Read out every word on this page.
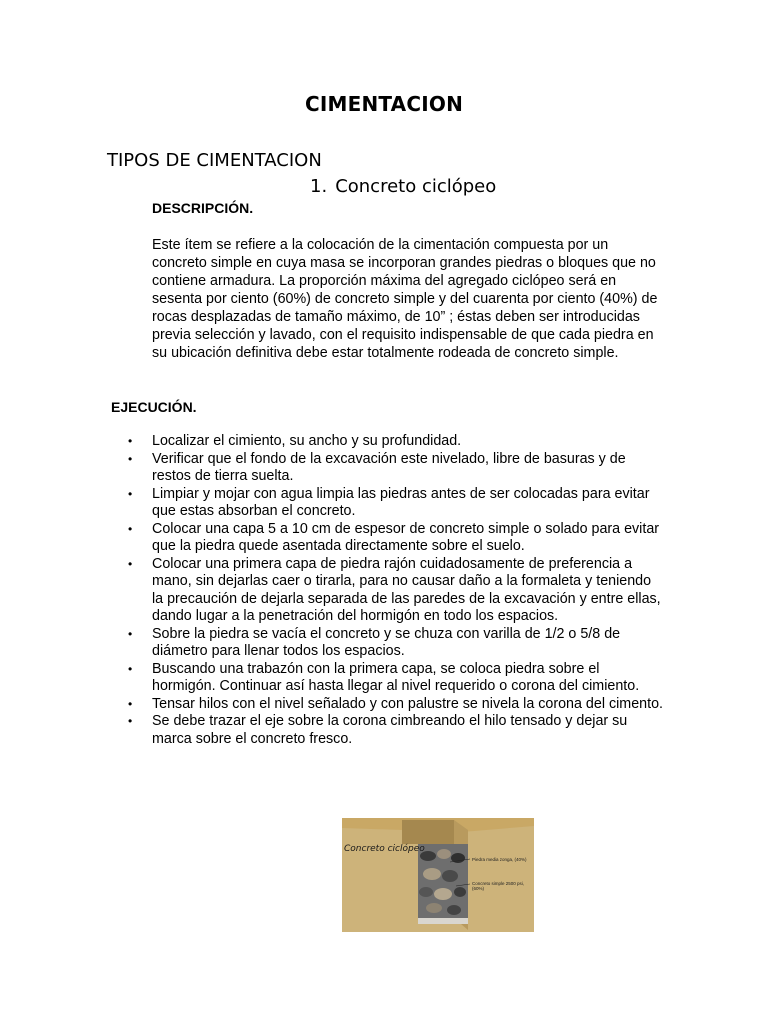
CIMENTACION
TIPOS DE CIMENTACION
1. Concreto ciclópeo
DESCRIPCIÓN.

Este ítem se refiere a la colocación de la cimentación compuesta por un concreto simple en cuya masa se incorporan grandes piedras o bloques que no contiene armadura. La proporción máxima del agregado ciclópeo será en sesenta por ciento (60%) de concreto simple y del cuarenta por ciento (40%) de rocas desplazadas de tamaño máximo, de 10” ; éstas deben ser introducidas previa selección y lavado, con el requisito indispensable de que cada piedra en su ubicación definitiva debe estar totalmente rodeada de concreto simple.

EJECUCIÓN.
• Localizar el cimiento, su ancho y su profundidad.
• Verificar que el fondo de la excavación este nivelado, libre de basuras y de restos de tierra suelta.
• Limpiar y mojar con agua limpia las piedras antes de ser colocadas para evitar que estas absorban el concreto.
• Colocar una capa 5 a 10 cm de espesor de concreto simple o solado para evitar que la piedra quede asentada directamente sobre el suelo.
• Colocar una primera capa de piedra rajón cuidadosamente de preferencia a mano, sin dejarlas caer o tirarla, para no causar daño a la formaleta y teniendo la precaución de dejarla separada de las paredes de la excavación y entre ellas, dando lugar a la penetración del hormigón en todo los espacios.
• Sobre la piedra se vacía el concreto y se chuza con varilla de 1/2 o 5/8 de diámetro para llenar todos los espacios.
• Buscando una trabazón con la primera capa, se coloca piedra sobre el hormigón. Continuar así hasta llegar al nivel requerido o corona del cimiento.
• Tensar hilos con el nivel señalado y con palustre se nivela la corona del cimento.
• Se debe trazar el eje sobre la corona cimbreando el hilo tensado y dejar su marca sobre el concreto fresco.
Concreto ciclópeo
Piedra media zonga, (40%)
Concreto simple 2500 psi, (60%)
